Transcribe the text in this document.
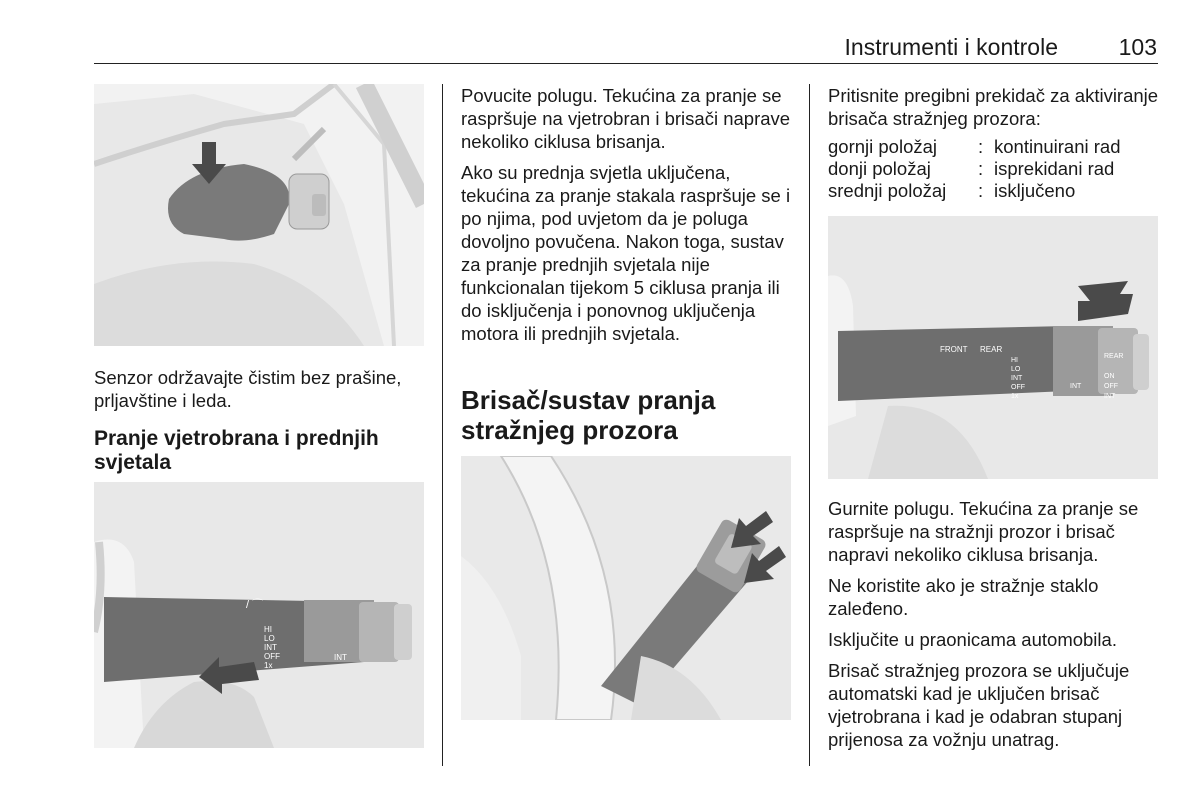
Instrumenti i kontrole	103

Senzor održavajte čistim bez prašine, prljavštine i leda.

Pranje vjetrobrana i prednjih svjetala
/ ⌒
HI
LO
INT
OFF
1x
INT

Povucite polugu. Tekućina za pranje se raspršuje na vjetrobran i brisači naprave nekoliko ciklusa brisanja.

Ako su prednja svjetla uključena, tekućina za pranje stakala raspršuje se i po njima, pod uvjetom da je poluga dovoljno povučena. Nakon toga, sustav za pranje prednjih svjetala nije funkcionalan tijekom 5 ciklusa pranja ili do isključenja i ponovnog uključenja motora ili prednjih svjetala.

Brisač/sustav pranja stražnjeg prozora

Pritisnite pregibni prekidač za aktiviranje brisača stražnjeg prozora:

gornji položaj	: kontinuirani rad
donji položaj	: isprekidani rad
srednji položaj	: isključeno
FRONT REAR
HI
LO
INT
OFF
1x
INT
REAR
ON
OFF
INT

Gurnite polugu. Tekućina za pranje se raspršuje na stražnji prozor i brisač napravi nekoliko ciklusa brisanja.

Ne koristite ako je stražnje staklo zaleđeno.

Isključite u praonicama automobila.

Brisač stražnjeg prozora se uključuje automatski kad je uključen brisač vjetrobrana i kad je odabran stupanj prijenosa za vožnju unatrag.
